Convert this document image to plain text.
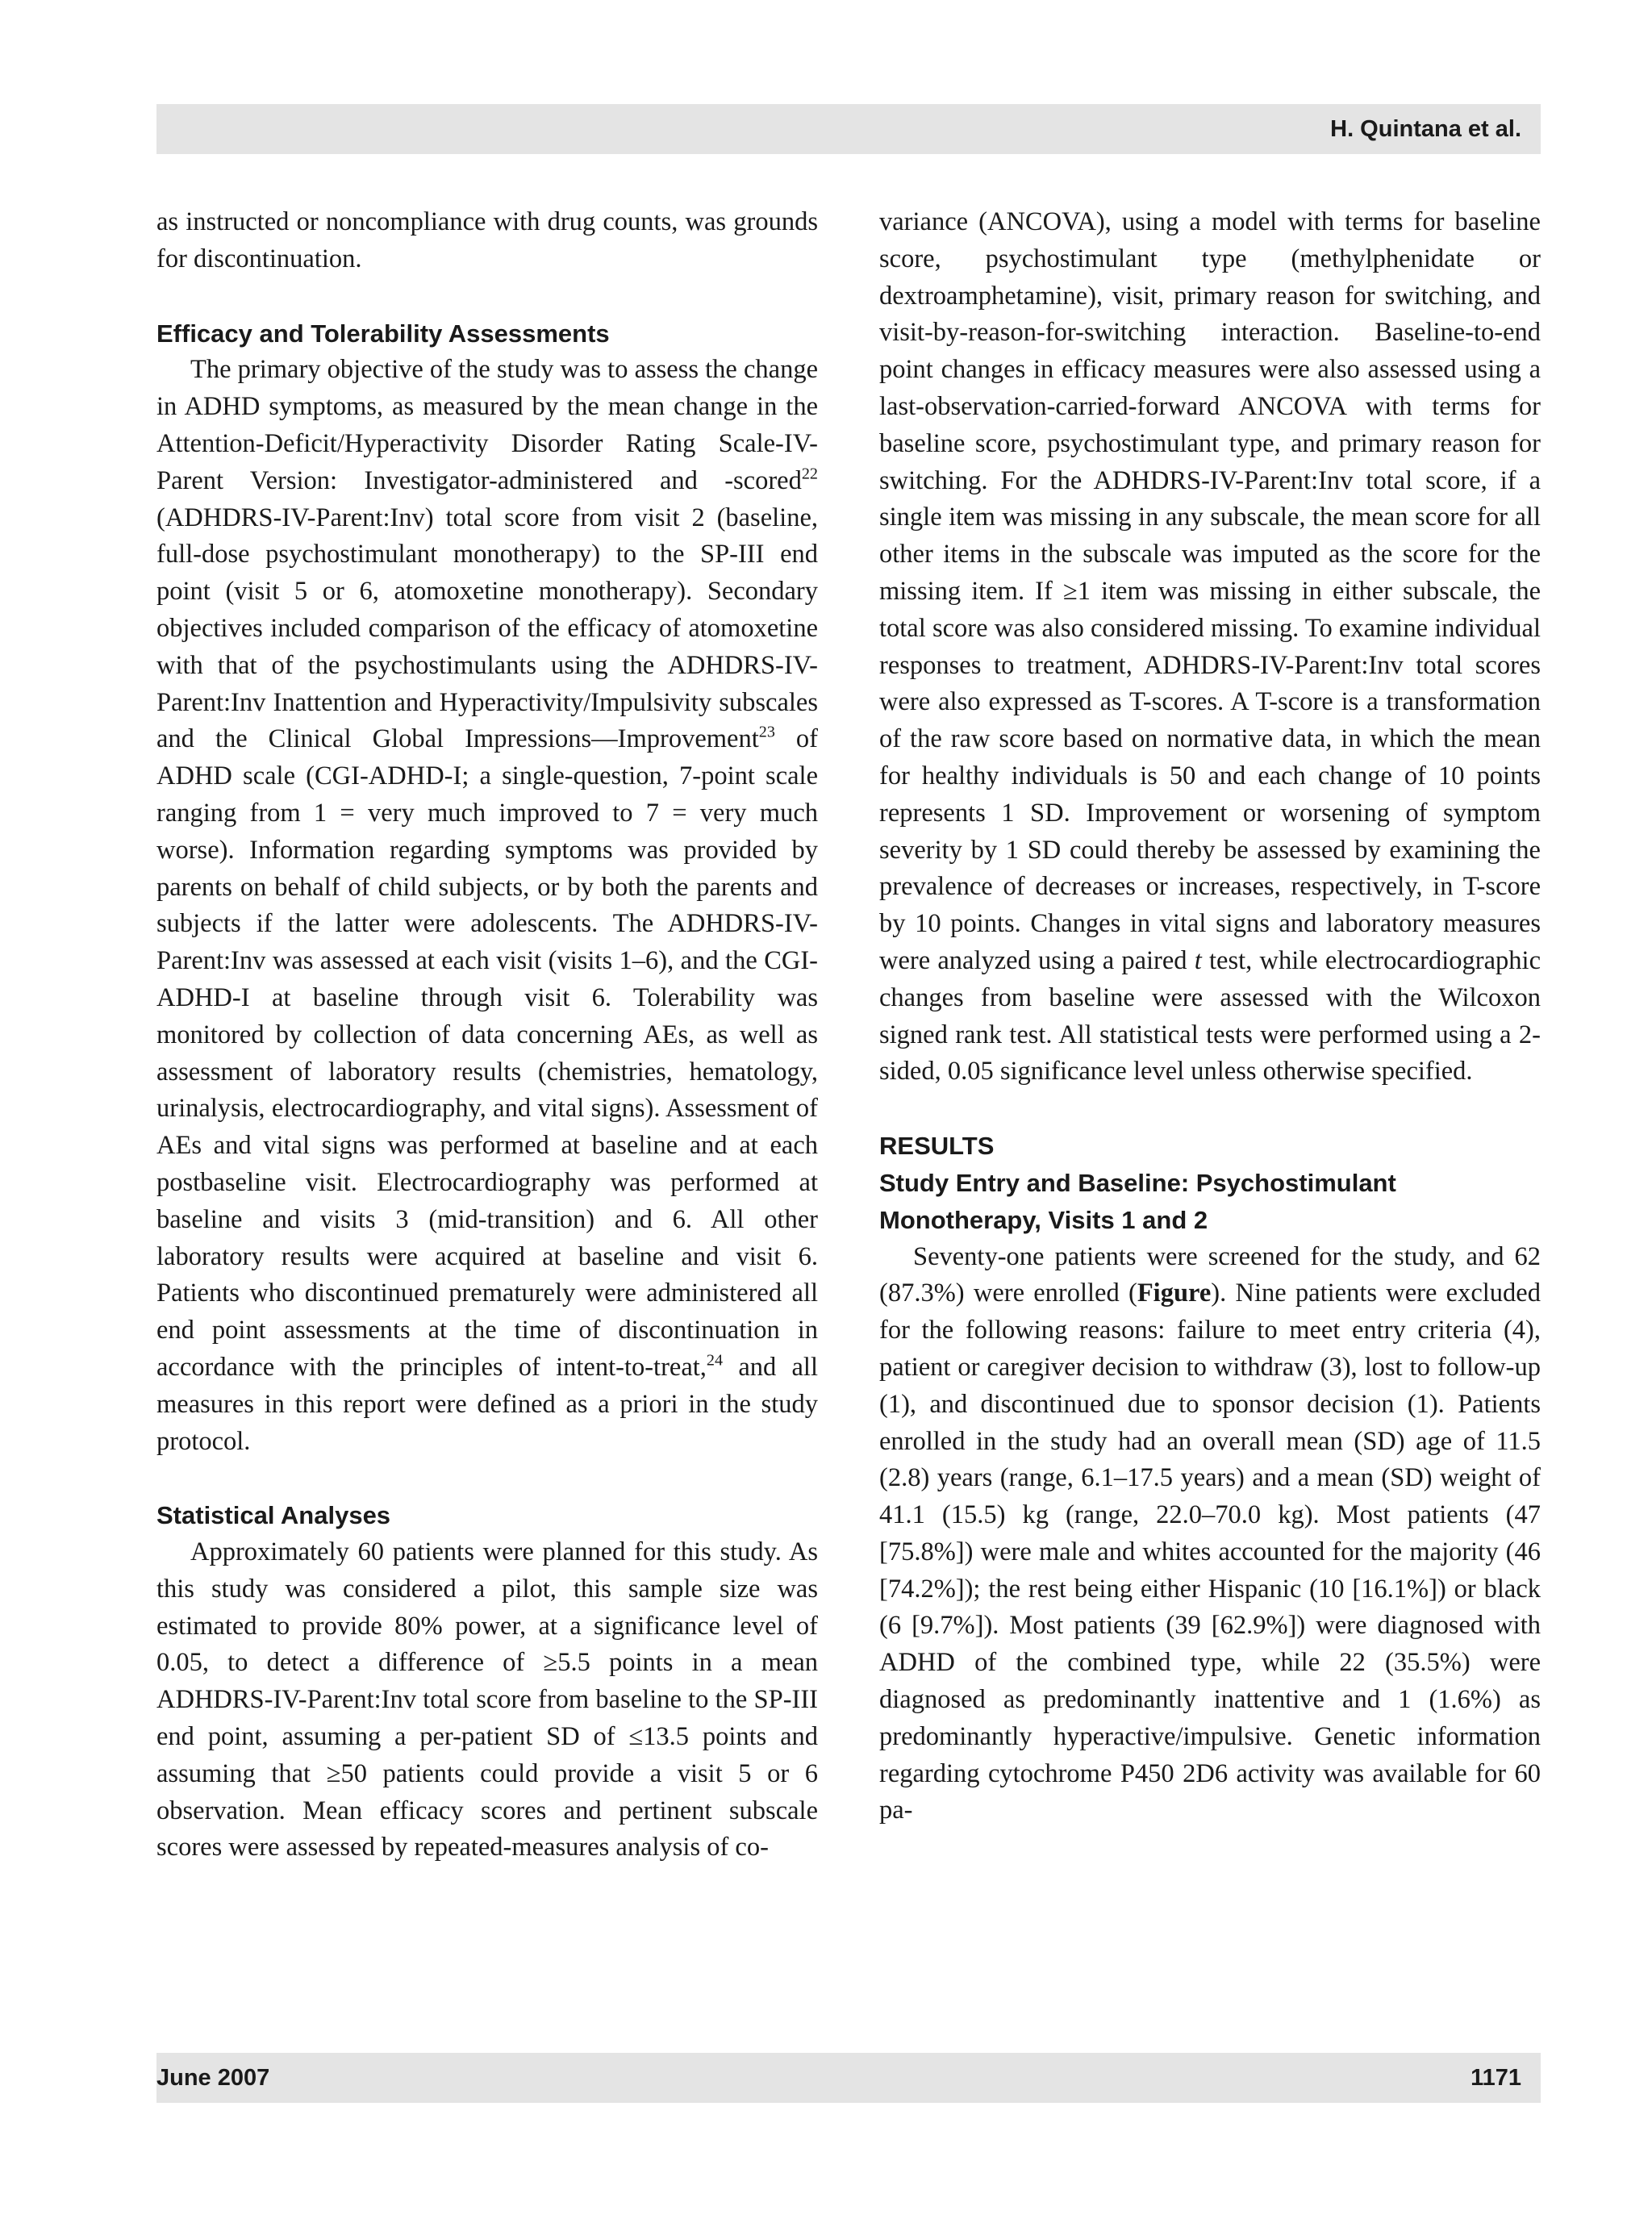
H. Quintana et al.

as instructed or noncompliance with drug counts, was grounds for discontinuation.

Efficacy and Tolerability Assessments

The primary objective of the study was to assess the change in ADHD symptoms, as measured by the mean change in the Attention-Deficit/Hyperactivity Disorder Rating Scale-IV-Parent Version: Investigator-administered and -scored$^{22}$ (ADHDRS-IV-Parent:Inv) total score from visit 2 (baseline, full-dose psychostimulant monotherapy) to the SP-III end point (visit 5 or 6, atomoxetine monotherapy). Secondary objectives included comparison of the efficacy of atomoxetine with that of the psychostimulants using the ADHDRS-IV-Parent:Inv Inattention and Hyperactivity/Impulsivity subscales and the Clinical Global Impressions—Improvement$^{23}$ of ADHD scale (CGI-ADHD-I; a single-question, 7-point scale ranging from 1 = very much improved to 7 = very much worse). Information regarding symptoms was provided by parents on behalf of child subjects, or by both the parents and subjects if the latter were adolescents. The ADHDRS-IV-Parent:Inv was assessed at each visit (visits 1–6), and the CGI-ADHD-I at baseline through visit 6. Tolerability was monitored by collection of data concerning AEs, as well as assessment of laboratory results (chemistries, hematology, urinalysis, electrocardiography, and vital signs). Assessment of AEs and vital signs was performed at baseline and at each postbaseline visit. Electrocardiography was performed at baseline and visits 3 (mid-transition) and 6. All other laboratory results were acquired at baseline and visit 6. Patients who discontinued prematurely were administered all end point assessments at the time of discontinuation in accordance with the principles of intent-to-treat,$^{24}$ and all measures in this report were defined as a priori in the study protocol.

Statistical Analyses

Approximately 60 patients were planned for this study. As this study was considered a pilot, this sample size was estimated to provide 80% power, at a significance level of 0.05, to detect a difference of ≥5.5 points in a mean ADHDRS-IV-Parent:Inv total score from baseline to the SP-III end point, assuming a per-patient SD of ≤13.5 points and assuming that ≥50 patients could provide a visit 5 or 6 observation. Mean efficacy scores and pertinent subscale scores were assessed by repeated-measures analysis of co-

variance (ANCOVA), using a model with terms for baseline score, psychostimulant type (methylphenidate or dextroamphetamine), visit, primary reason for switching, and visit-by-reason-for-switching interaction. Baseline-to-end point changes in efficacy measures were also assessed using a last-observation-carried-forward ANCOVA with terms for baseline score, psychostimulant type, and primary reason for switching. For the ADHDRS-IV-Parent:Inv total score, if a single item was missing in any subscale, the mean score for all other items in the subscale was imputed as the score for the missing item. If ≥1 item was missing in either subscale, the total score was also considered missing. To examine individual responses to treatment, ADHDRS-IV-Parent:Inv total scores were also expressed as T-scores. A T-score is a transformation of the raw score based on normative data, in which the mean for healthy individuals is 50 and each change of 10 points represents 1 SD. Improvement or worsening of symptom severity by 1 SD could thereby be assessed by examining the prevalence of decreases or increases, respectively, in T-score by 10 points. Changes in vital signs and laboratory measures were analyzed using a paired t test, while electrocardiographic changes from baseline were assessed with the Wilcoxon signed rank test. All statistical tests were performed using a 2-sided, 0.05 significance level unless otherwise specified.

RESULTS
Study Entry and Baseline: Psychostimulant
Monotherapy, Visits 1 and 2

Seventy-one patients were screened for the study, and 62 (87.3%) were enrolled (Figure). Nine patients were excluded for the following reasons: failure to meet entry criteria (4), patient or caregiver decision to withdraw (3), lost to follow-up (1), and discontinued due to sponsor decision (1). Patients enrolled in the study had an overall mean (SD) age of 11.5 (2.8) years (range, 6.1–17.5 years) and a mean (SD) weight of 41.1 (15.5) kg (range, 22.0–70.0 kg). Most patients (47 [75.8%]) were male and whites accounted for the majority (46 [74.2%]); the rest being either Hispanic (10 [16.1%]) or black (6 [9.7%]). Most patients (39 [62.9%]) were diagnosed with ADHD of the combined type, while 22 (35.5%) were diagnosed as predominantly inattentive and 1 (1.6%) as predominantly hyperactive/impulsive. Genetic information regarding cytochrome P450 2D6 activity was available for 60 pa-

June 2007	1171
